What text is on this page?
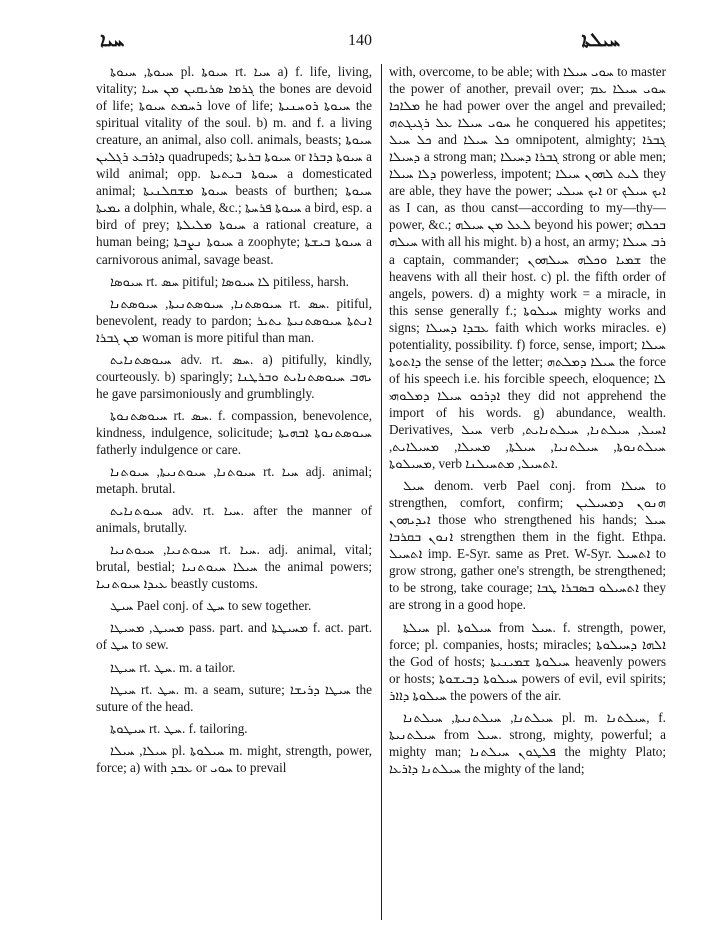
ܚܝܐ	140	ܚܝܠܬܐ

ܚܝܘܬܐ, ܚܝܘܬܐ pl. ܚܝܘܬܐ rt. ܚܝܐ a) f. life, living, vitality; ܓܪܡܐ ܣܪܝܩܝܢ ܡܢ ܚܝܐ the bones are devoid of life; ܪܚܡܬ ܚܝܘܬܐ love of life; ܚܝܘܬܐ ܪܘܚܢܝܬܐ the spiritual vitality of the soul. b) m. and f. a living creature, an animal, also coll. animals, beasts; ܚܝܘܬܐ ܕܐܪܒܥ ܪܓܠܝܢ quadrupeds; ܚܝܘܬܐ ܒܪܝܬܐ or ܚܝܘܬܐ ܕܒܪܐ a wild animal; opp. ܚܝܘܬܐ ܒܝܬܝܬܐ a domesticated animal; ܚܝܘܬܐ ܡܫܩܠܢܝܬܐ beasts of burthen; ܚܝܘܬܐ ܝܡܝܬܐ a dolphin, whale, &c.; ܚܝܘܬܐ ܦܪܚܬܐ a bird, esp. a bird of prey; ܚܝܘܬܐ ܡܠܝܠܬܐ a rational creature, a human being; ܚܝܘܬܐ ܢܨܒܬܐ a zoophyte; ܚܝܘܬܐ ܒܝܫܬܐ a carnivorous animal, savage beast.

ܚܝܘܣܐ rt. ܚܣ pitiful; ܠܐ ܚܝܘܣܐ pitiless, harsh.

ܚܝܘܣܬܢܐ, ܚܝܘܣܬܢܝܬܐ, ܚܝܘܣܬܢܐ rt. ܚܣ. pitiful, benevolent, ready to pardon; ܐܢܬܬܐ ܚܝܘܣܬܢܝܬܐ ܝܬܝܪ ܡܢ ܓܒܪܐ woman is more pitiful than man.

ܚܝܘܣܬܢܐܝܬ adv. rt. ܚܣ. a) pitifully, kindly, courteously. b) sparingly; ܝܗܒ ܚܝܘܣܬܢܐܝܬ ܘܒܪܛܢܐ he gave parsimoniously and grumblingly.

ܚܝܘܣܬܢܘܬܐ rt. ܚܣ. f. compassion, benevolence, kindness, indulgence, solicitude; ܚܝܘܣܬܢܘܬܐ ܐܒܗܝܬܐ fatherly indulgence or care.

ܚܝܘܬܢܐ, ܚܝܘܬܢܝܬܐ, ܚܝܘܬܢܐ rt. ܚܝܐ adj. animal; metaph. brutal.

ܚܝܘܬܢܐܝܬ adv. rt. ܚܝܐ. after the manner of animals, brutally.

ܚܝܘܬܢܝܐ, ܚܝܘܬܢܝܐ rt. ܚܝܐ. adj. animal, vital; brutal, bestial; ܚܝܠܐ ܚܝܘܬܢܝܐ the animal powers; ܥܝܕܐ ܚܝܘܬܢܝܐ beastly customs.

ܚܝܛ Pael conj. of ܚܛ to sew together.

ܡܚܝܛ, ܡܚܝܛܐ pass. part. and ܡܚܝܛܬܐ f. act. part. of ܚܛ to sew.

ܚܝܛܐ rt. ܚܛ. m. a tailor.

ܚܝܛܐ rt. ܚܛ. m. a seam, suture; ܚܝܛܐ ܕܪܝܫܐ the suture of the head.

ܚܝܛܘܬܐ rt. ܚܛ. f. tailoring.

ܚܝܠܐ, ܚܝܠܐ pl. ܚܝܠܘܬܐ m. might, strength, power, force; a) with ܥܒܕ or ܚܘܝ to prevail

with, overcome, to be able; with ܚܘܝ ܚܝܠܐ to master the power of another, prevail over; ܚܘܝ ܚܝܠܐ ܥܡ ܡܠܐܟܐ he had power over the angel and prevailed; ܚܘܝ ܚܝܠܐ ܥܠ ܪܓܝܓܬܗ he conquered his appetites; ܟܠ ܚܝܠ and ܟܠ ܚܝܠܐ omnipotent, almighty; ܓܒܪܐ ܕܚܝܠܐ a strong man; ܓܒܪܐ ܕܚܝܠܐ strong or able men; ܕܠܐ ܚܝܠܐ powerless, impotent; ܠܝܬ ܠܗܘܢ ܚܝܠܐ they are able, they have the power; ܐܝܟ ܚܝܠܝ or ܐܝܟ ܚܝܠܟ as I can, as thou canst—according to my—thy—power, &c.; ܠܥܠ ܡܢ ܚܝܠܗ beyond his power; ܒܟܠܗ ܚܝܠܗ with all his might. b) a host, an army; ܪܒ ܚܝܠܐ a captain, commander; ܫܡܝܐ ܘܟܠܗ ܚܝܠܗܘܢ the heavens with all their host. c) pl. the fifth order of angels, powers. d) a mighty work = a miracle, in this sense generally f.; ܚܝܠܘܬܐ mighty works and signs; ܥܒܕܐ ܕܚܝܠܐ faith which works miracles. e) potentiality, possibility. f) force, sense, import; ܚܝܠܐ ܕܐܬܘܬܐ the sense of the letter; ܚܝܠܐ ܕܡܠܬܗ the force of his speech i.e. his forcible speech, eloquence; ܠܐ ܐܕܪܟܘ ܚܝܠܐ ܕܡܠܘܗܝ they did not apprehend the import of his words. g) abundance, wealth. Derivatives, ܚܝܠ verb ܐܚܝܠ, ܚܝܠܬܢܐ, ܚܝܠܬܢܐܝܬ, ܚܝܠܬܢܘܬܐ, ܚܝܠܬܢܝܐ, ܚܝܠܬܐ, ܡܚܝܠܐ, ܡܚܝܠܐܝܬ, ܡܚܝܠܘܬܐ, verb ܐܬܚܝܠ, ܡܬܚܝܠܢܐ.

ܚܝܠ denom. verb Pael conj. from ܚܝܠܐ to strengthen, comfort, confirm; ܗܢܘܢ ܕܡܚܝܠܝܢ ܐܝܕܝܗܘܢ those who strengthened his hands; ܚܝܠ ܐܢܘܢ ܒܩܪܒܐ strengthen them in the fight. Ethpa. ܐܬܚܝܠ imp. E-Syr. same as Pret. W-Syr. ܐܬܚܝܠ to grow strong, gather one's strength, be strengthened; to be strong, take courage; ܐܬܚܝܠܘ ܒܣܒܪܐ ܛܒܐ they are strong in a good hope.

ܚܝܠܬܐ pl. ܚܝܠܘܬܐ from ܚܝܠ. f. strength, power, force; pl. companies, hosts; miracles; ܐܠܗܐ ܕܚܝܠܘܬܐ the God of hosts; ܚܝܠܘܬܐ ܫܡܝܢܝܬܐ heavenly powers or hosts; ܚܝܠܘܬܐ ܕܒܝܫܘܬܐ powers of evil, evil spirits; ܚܝܠܘܬܐ ܕܐܐܪ the powers of the air.

ܚܝܠܬܢܐ, ܚܝܠܬܢܝܬܐ, ܚܝܠܬܢܐ pl. m. ܚܝܠܬܢܐ, f. ܚܝܠܬܢܝܬܐ from ܚܝܠ. strong, mighty, powerful; a mighty man; ܦܠܛܘܢ ܚܝܠܬܢܐ the mighty Plato; ܚܝܠܬܢܐ ܕܐܪܥܐ the mighty of the land;
